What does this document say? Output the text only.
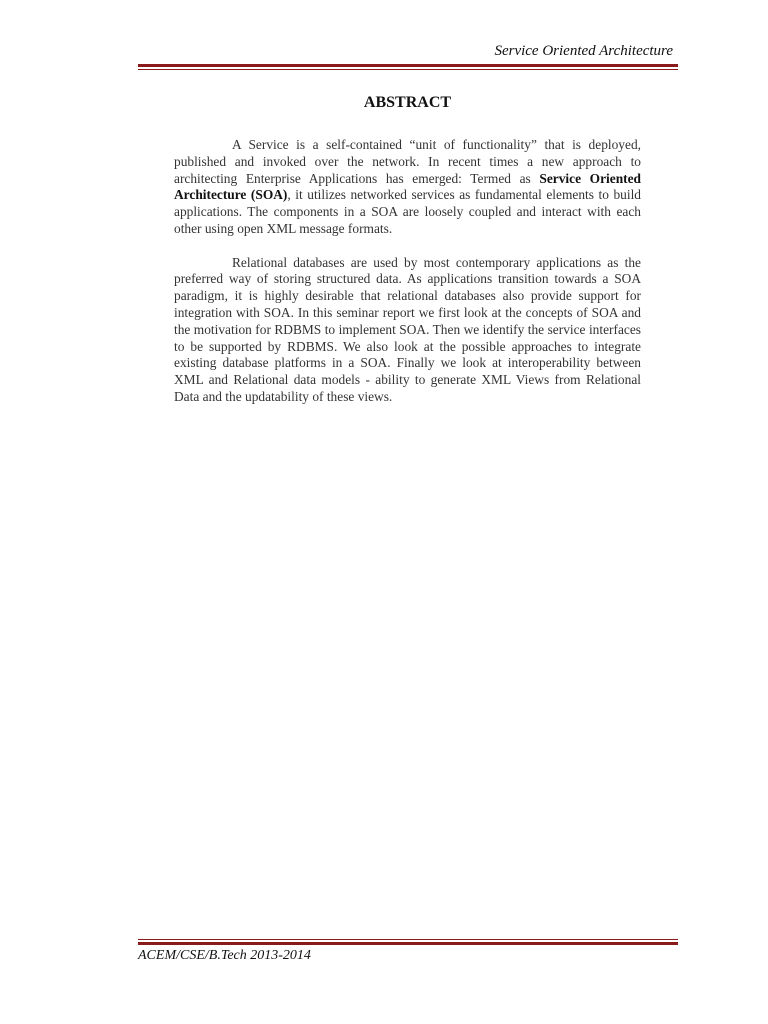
Service Oriented Architecture
ABSTRACT

A Service is a self-contained “unit of functionality” that is deployed, published and invoked over the network. In recent times a new approach to architecting Enterprise Applications has emerged: Termed as Service Oriented Architecture (SOA), it utilizes networked services as fundamental elements to build applications. The components in a SOA are loosely coupled and interact with each other using open XML message formats.

Relational databases are used by most contemporary applications as the preferred way of storing structured data. As applications transition towards a SOA paradigm, it is highly desirable that relational databases also provide support for integration with SOA. In this seminar report we first look at the concepts of SOA and the motivation for RDBMS to implement SOA. Then we identify the service interfaces to be supported by RDBMS. We also look at the possible approaches to integrate existing database platforms in a SOA. Finally we look at interoperability between XML and Relational data models - ability to generate XML Views from Relational Data and the updatability of these views.

ACEM/CSE/B.Tech 2013-2014
